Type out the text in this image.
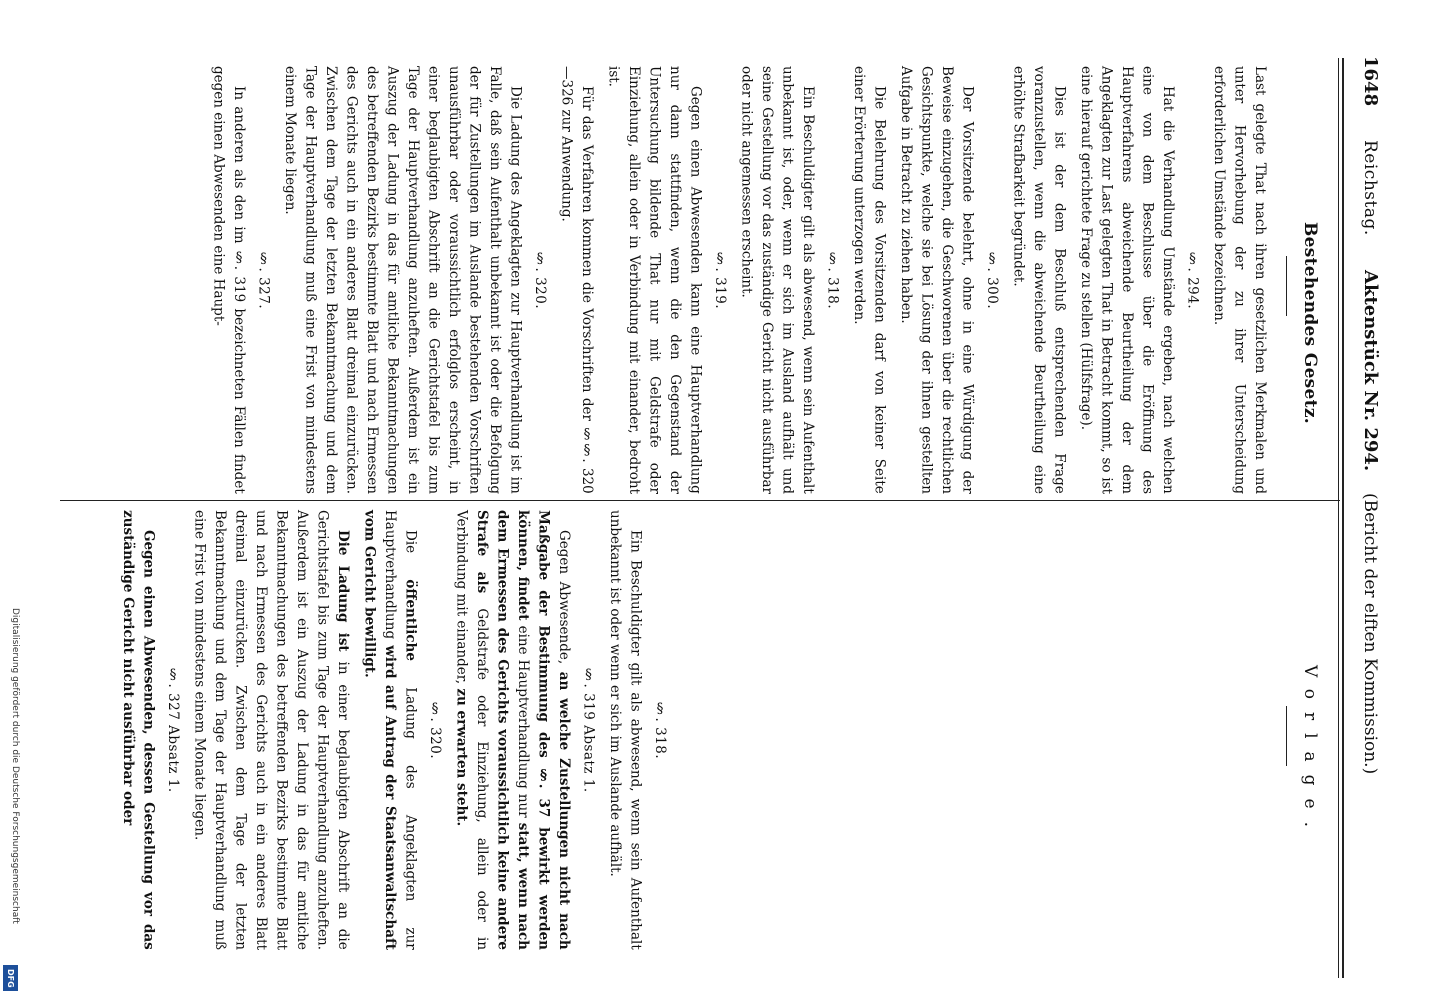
1648Reichstag.Aktenstück Nr. 294.(Bericht der elften Kommission.)
Bestehendes Gesetz.
Vorlage.

Last gelegte That nach ihren gesetzlichen Merkmalen und unter Hervorhebung der zu ihrer Unterscheidung erforderlichen Umstände bezeichnen.

§. 294.

Hat die Verhandlung Umstände ergeben, nach welchen eine von dem Beschlusse über die Eröffnung des Hauptverfahrens abweichende Beurtheilung der dem Angeklagten zur Last gelegten That in Betracht kommt, so ist eine hierauf gerichtete Frage zu stellen (Hülfsfrage).

Dies ist der dem Beschluß entsprechenden Frage voranzustellen, wenn die abweichende Beurtheilung eine erhöhte Strafbarkeit begründet.

§. 300.

Der Vorsitzende belehrt, ohne in eine Würdigung der Beweise einzugehen, die Geschworenen über die rechtlichen Gesichtspunkte, welche sie bei Lösung der ihnen gestellten Aufgabe in Betracht zu ziehen haben.

Die Belehrung des Vorsitzenden darf von keiner Seite einer Erörterung unterzogen werden.

§. 318.

Ein Beschuldigter gilt als abwesend, wenn sein Aufenthalt unbekannt ist, oder, wenn er sich im Ausland aufhält und seine Gestellung vor das zuständige Gericht nicht ausführbar oder nicht angemessen erscheint.

§. 319.

Gegen einen Abwesenden kann eine Hauptverhandlung nur dann stattfinden, wenn die den Gegenstand der Untersuchung bildende That nur mit Geldstrafe oder Einziehung, allein oder in Verbindung mit einander, bedroht ist.

Für das Verfahren kommen die Vorschriften der §§. 320—326 zur Anwendung.

§. 320.

Die Ladung des Angeklagten zur Hauptverhandlung ist im Falle, daß sein Aufenthalt unbekannt ist oder die Befolgung der für Zustellungen im Auslande bestehenden Vorschriften unausführbar oder voraussichtlich erfolglos erscheint, in einer beglaubigten Abschrift an die Gerichtstafel bis zum Tage der Hauptverhandlung anzuheften. Außerdem ist ein Auszug der Ladung in das für amtliche Bekanntmachungen des betreffenden Bezirks bestimmte Blatt und nach Ermessen des Gerichts auch in ein anderes Blatt dreimal einzurücken. Zwischen dem Tage der letzten Bekanntmachung und dem Tage der Hauptverhandlung muß eine Frist von mindestens einem Monate liegen.

§. 327.

In anderen als den im §. 319 bezeichneten Fällen findet gegen einen Abwesenden eine Haupt-

§. 318.

Ein Beschuldigter gilt als abwesend, wenn sein Aufenthalt unbekannt ist oder wenn er sich im Auslande aufhält.

§. 319 Absatz 1.

Gegen Abwesende, an welche Zustellungen nicht nach Maßgabe der Bestimmung des §. 37 bewirkt werden können, findet eine Hauptverhandlung nur statt, wenn nach dem Ermessen des Gerichts voraussichtlich keine andere Strafe als Geldstrafe oder Einziehung, allein oder in Verbindung mit einander, zu erwarten steht.

§. 320.

Die öffentliche Ladung des Angeklagten zur Hauptverhandlung wird auf Antrag der Staatsanwaltschaft vom Gericht bewilligt.

Die Ladung ist in einer beglaubigten Abschrift an die Gerichtstafel bis zum Tage der Hauptverhandlung anzuheften. Außerdem ist ein Auszug der Ladung in das für amtliche Bekanntmachungen des betreffenden Bezirks bestimmte Blatt und nach Ermessen des Gerichts auch in ein anderes Blatt dreimal einzurücken. Zwischen dem Tage der letzten Bekanntmachung und dem Tage der Hauptverhandlung muß eine Frist von mindestens einem Monate liegen.

§. 327 Absatz 1.

Gegen einen Abwesenden, dessen Gestellung vor das zuständige Gericht nicht ausführbar oder

Digitalisierung gefördert durch die Deutsche Forschungsgemeinschaft
DFG
